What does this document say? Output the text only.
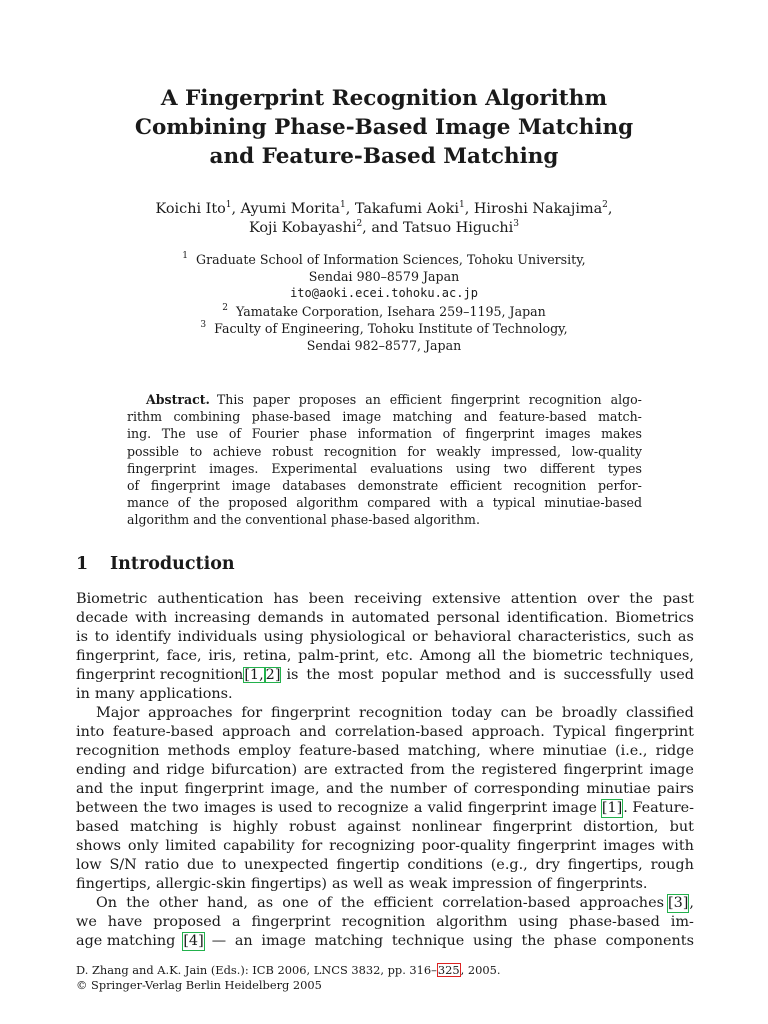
A Fingerprint Recognition Algorithm
Combining Phase-Based Image Matching
and Feature-Based Matching
Koichi Ito$^1$, Ayumi Morita$^1$, Takafumi Aoki$^1$, Hiroshi Nakajima$^2$,
Koji Kobayashi$^2$, and Tatsuo Higuchi$^3$
$^1$ Graduate School of Information Sciences, Tohoku University,
Sendai 980–8579 Japan
ito@aoki.ecei.tohoku.ac.jp
$^2$ Yamatake Corporation, Isehara 259–1195, Japan
$^3$ Faculty of Engineering, Tohoku Institute of Technology,
Sendai 982–8577, Japan
Abstract. This paper proposes an efficient fingerprint recognition algo-
rithm combining phase-based image matching and feature-based match-
ing. The use of Fourier phase information of fingerprint images makes
possible to achieve robust recognition for weakly impressed, low-quality
fingerprint images. Experimental evaluations using two different types
of fingerprint image databases demonstrate efficient recognition perfor-
mance of the proposed algorithm compared with a typical minutiae-based
algorithm and the conventional phase-based algorithm.
1 Introduction
Biometric authentication has been receiving extensive attention over the past
decade with increasing demands in automated personal identification. Biometrics
is to identify individuals using physiological or behavioral characteristics, such as
fingerprint, face, iris, retina, palm-print, etc. Among all the biometric techniques,
fingerprint recognition [1, 2] is the most popular method and is successfully used
in many applications.
Major approaches for fingerprint recognition today can be broadly classified
into feature-based approach and correlation-based approach. Typical fingerprint
recognition methods employ feature-based matching, where minutiae (i.e., ridge
ending and ridge bifurcation) are extracted from the registered fingerprint image
and the input fingerprint image, and the number of corresponding minutiae pairs
between the two images is used to recognize a valid fingerprint image [1] . Feature-
based matching is highly robust against nonlinear fingerprint distortion, but
shows only limited capability for recognizing poor-quality fingerprint images with
low S/N ratio due to unexpected fingertip conditions (e.g., dry fingertips, rough
fingertips, allergic-skin fingertips) as well as weak impression of fingerprints.
On the other hand, as one of the efficient correlation-based approaches [3] ,
we have proposed a fingerprint recognition algorithm using phase-based im-
age matching [4] — an image matching technique using the phase components
D. Zhang and A.K. Jain (Eds.): ICB 2006, LNCS 3832, pp. 316–325, 2005.
© Springer-Verlag Berlin Heidelberg 2005
